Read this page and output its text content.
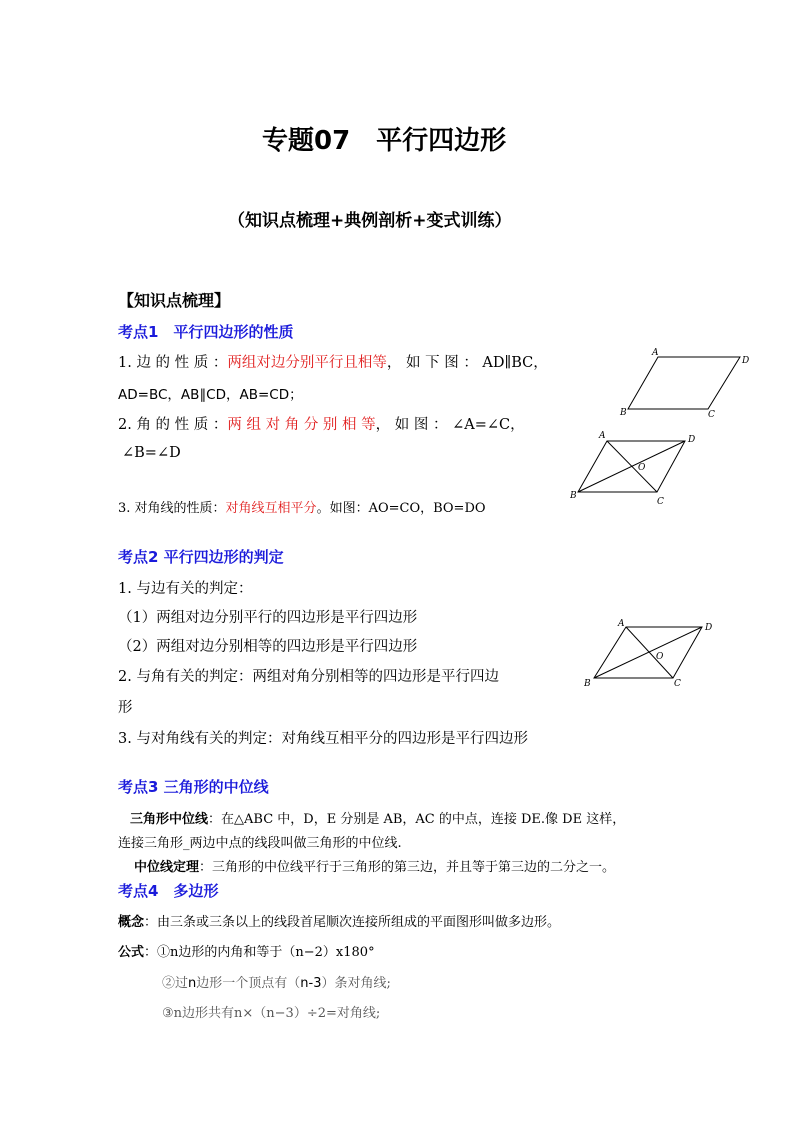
专题07　平行四边形
（知识点梳理+典例剖析+变式训练）
【知识点梳理】
考点1　平行四边形的性质
1. 边 的 性 质 ：两组对边分别平行且相等， 如 下 图 ： AD∥BC，
AD=BC，AB∥CD，AB=CD；
2. 角 的 性 质 ：两 组 对 角 分 别 相 等， 如 图 ： ∠A=∠C，
∠B=∠D
3. 对角线的性质：对角线互相平分。如图：AO=CO，BO=DO
A
D
B	C
A	D
B
C
O
考点2 平行四边形的判定
1. 与边有关的判定：
（1）两组对边分别平行的四边形是平行四边形
（2）两组对边分别相等的四边形是平行四边形
2. 与角有关的判定：两组对角分别相等的四边形是平行四边
形
3. 与对角线有关的判定：对角线互相平分的四边形是平行四边形
A	D
B	C
O
考点3 三角形的中位线
三角形中位线：在△ABC 中，D，E 分别是 AB，AC 的中点，连接 DE.像 DE 这样，
连接三角形_两边中点的线段叫做三角形的中位线.
中位线定理：三角形的中位线平行于三角形的第三边，并且等于第三边的二分之一。
考点4　多边形
概念：由三条或三条以上的线段首尾顺次连接所组成的平面图形叫做多边形。
公式：①n边形的内角和等于（n−2）x180°
②过n边形一个顶点有（n-3）条对角线;
③n边形共有n×（n−3）÷2=对角线;
